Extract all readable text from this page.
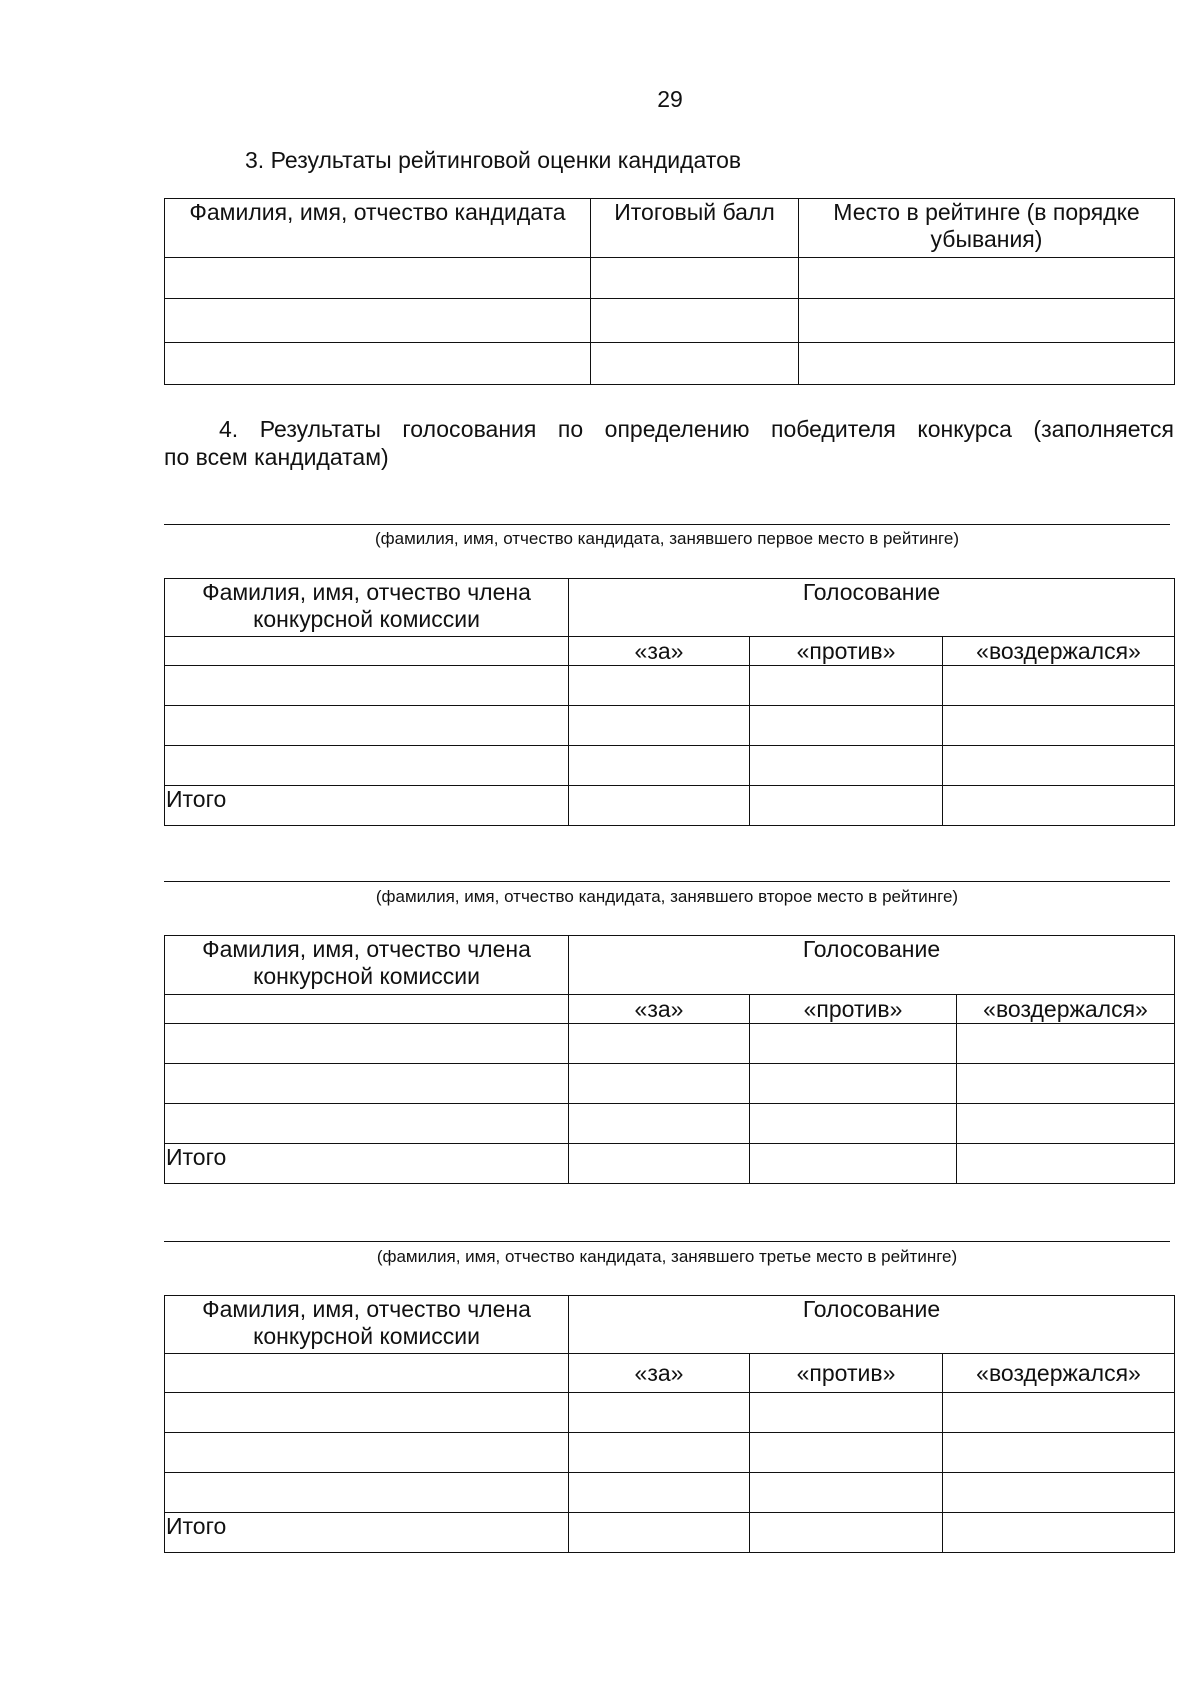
29
3. Результаты рейтинговой оценки кандидатов
Фамилия, имя, отчество кандидата	Итоговый балл	Место в рейтинге (в порядке убывания)

4. Результаты голосования по определению победителя конкурса (заполняется
по всем кандидатам)
(фамилия, имя, отчество кандидата, занявшего первое место в рейтинге)
Фамилия, имя, отчество члена конкурсной комиссии	Голосование		
	«за»	«против»	«воздержался»

Итого			
(фамилия, имя, отчество кандидата, занявшего второе место в рейтинге)
Фамилия, имя, отчество члена конкурсной комиссии	Голосование		
	«за»	«против»	«воздержался»

Итого			
(фамилия, имя, отчество кандидата, занявшего третье место в рейтинге)
Фамилия, имя, отчество члена конкурсной комиссии	Голосование		
	«за»	«против»	«воздержался»

Итого			
